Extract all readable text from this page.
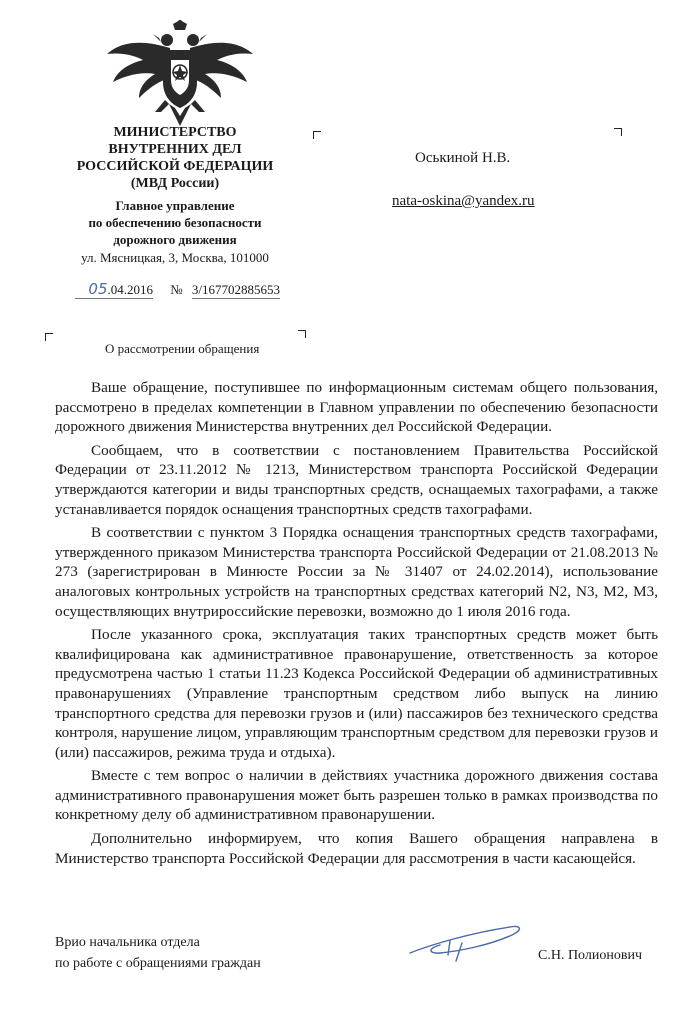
МИНИСТЕРСТВО
ВНУТРЕННИХ ДЕЛ
РОССИЙСКОЙ ФЕДЕРАЦИИ
(МВД России)
Главное управление
по обеспечению безопасности
дорожного движения
ул. Мясницкая, 3, Москва, 101000
05.04.2016 № 3/167702885653
Оськиной Н.В.
nata-oskina@yandex.ru
О рассмотрении обращения

Ваше обращение, поступившее по информационным системам общего пользования, рассмотрено в пределах компетенции в Главном управлении по обеспечению безопасности дорожного движения Министерства внутренних дел Российской Федерации.

Сообщаем, что в соответствии с постановлением Правительства Российской Федерации от 23.11.2012 № 1213, Министерством транспорта Российской Федерации утверждаются категории и виды транспортных средств, оснащаемых тахографами, а также устанавливается порядок оснащения транспортных средств тахографами.

В соответствии с пунктом 3 Порядка оснащения транспортных средств тахографами, утвержденного приказом Министерства транспорта Российской Федерации от 21.08.2013 № 273 (зарегистрирован в Минюсте России за № 31407 от 24.02.2014), использование аналоговых контрольных устройств на транспортных средствах категорий N2, N3, M2, M3, осуществляющих внутрироссийские перевозки, возможно до 1 июля 2016 года.

После указанного срока, эксплуатация таких транспортных средств может быть квалифицирована как административное правонарушение, ответственность за которое предусмотрена частью 1 статьи 11.23 Кодекса Российской Федерации об административных правонарушениях (Управление транспортным средством либо выпуск на линию транспортного средства для перевозки грузов и (или) пассажиров без технического средства контроля, нарушение лицом, управляющим транспортным средством для перевозки грузов и (или) пассажиров, режима труда и отдыха).

Вместе с тем вопрос о наличии в действиях участника дорожного движения состава административного правонарушения может быть разрешен только в рамках производства по конкретному делу об административном правонарушении.

Дополнительно информируем, что копия Вашего обращения направлена в Министерство транспорта Российской Федерации для рассмотрения в части касающейся.

Врио начальника отдела
по работе с обращениями граждан
С.Н. Полионович
